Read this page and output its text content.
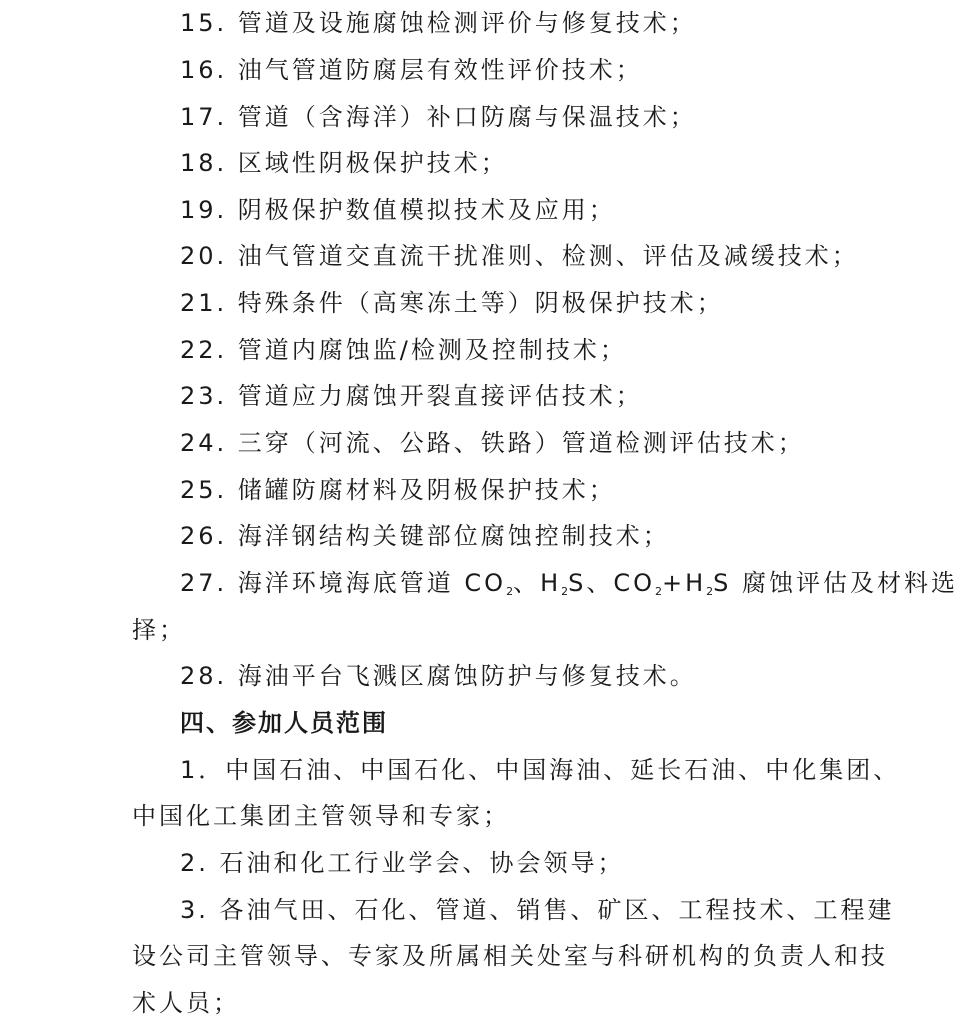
15. 管道及设施腐蚀检测评价与修复技术；
16. 油气管道防腐层有效性评价技术；
17. 管道（含海洋）补口防腐与保温技术；
18. 区域性阴极保护技术；
19. 阴极保护数值模拟技术及应用；
20. 油气管道交直流干扰准则、检测、评估及减缓技术；
21. 特殊条件（高寒冻土等）阴极保护技术；
22. 管道内腐蚀监/检测及控制技术；
23. 管道应力腐蚀开裂直接评估技术；
24. 三穿（河流、公路、铁路）管道检测评估技术；
25. 储罐防腐材料及阴极保护技术；
26. 海洋钢结构关键部位腐蚀控制技术；
27. 海洋环境海底管道 $CO_2$、$H_2S$、$CO_2+H_2S$ 腐蚀评估及材料选
择；
28. 海油平台飞溅区腐蚀防护与修复技术。
四、参加人员范围
1．中国石油、中国石化、中国海油、延长石油、中化集团、
中国化工集团主管领导和专家；
2. 石油和化工行业学会、协会领导；
3. 各油气田、石化、管道、销售、矿区、工程技术、工程建
设公司主管领导、专家及所属相关处室与科研机构的负责人和技
术人员；
